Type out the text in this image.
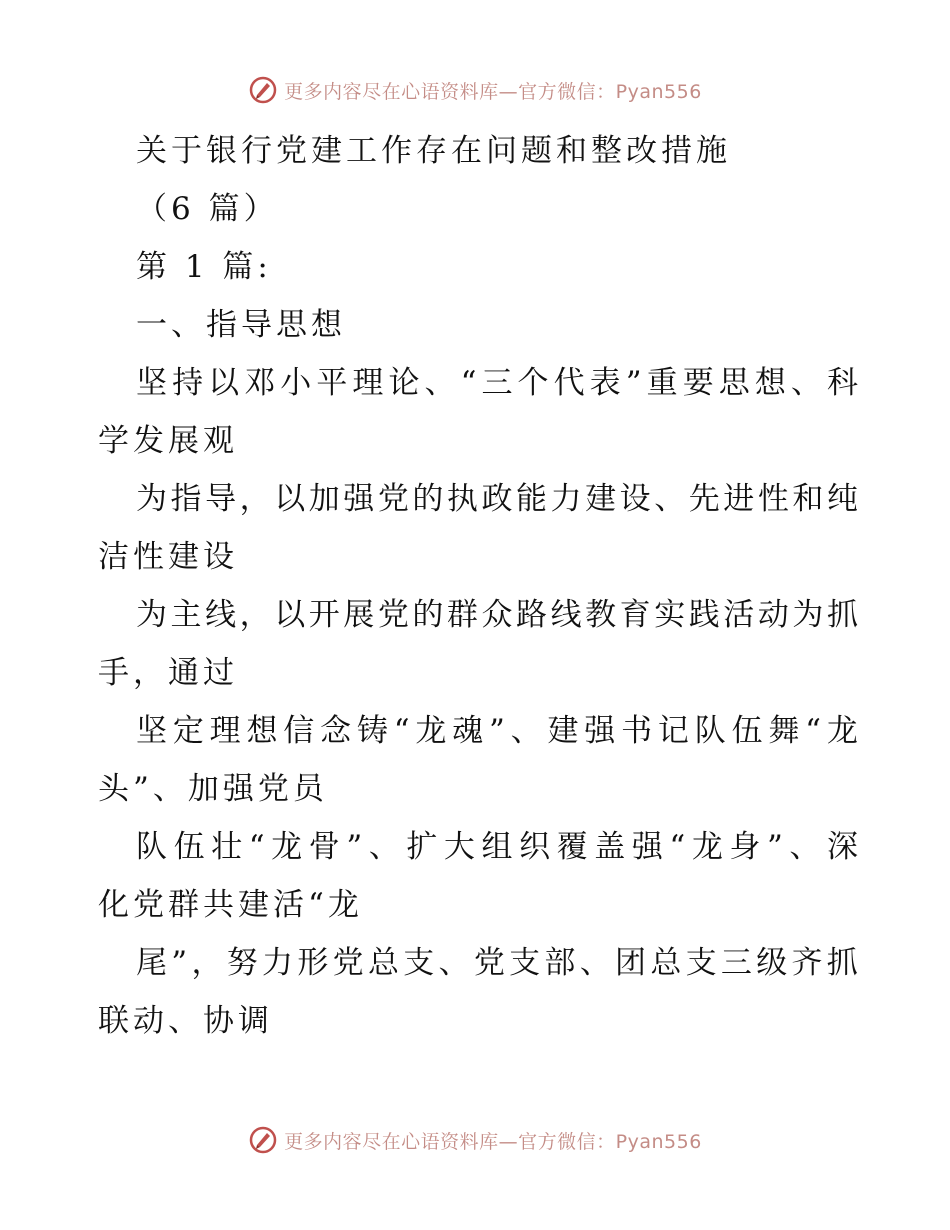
更多内容尽在心语资料库—官方微信：Pyan556
关于银行党建工作存在问题和整改措施
（6 篇）
第 1 篇:
一、指导思想
坚 持 以 邓 小 平 理 论 、 “ 三 个 代 表 ” 重 要 思 想 、 科
学发展观
为 指 导 ， 以 加 强 党 的 执 政 能 力 建 设 、 先 进 性 和 纯
洁性建设
为 主 线 ， 以 开 展 党 的 群 众 路 线 教 育 实 践 活 动 为 抓
手，通过
坚 定 理 想 信 念 铸 “ 龙 魂 ” 、 建 强 书 记 队 伍 舞 “ 龙
头”、加强党员
队 伍 壮 “ 龙 骨 ” 、 扩 大 组 织 覆 盖 强 “ 龙 身 ” 、 深
化党群共建活“龙
尾 ” ， 努 力 形 党 总 支 、 党 支 部 、 团 总 支 三 级 齐 抓
联动、协调
更多内容尽在心语资料库—官方微信：Pyan556
